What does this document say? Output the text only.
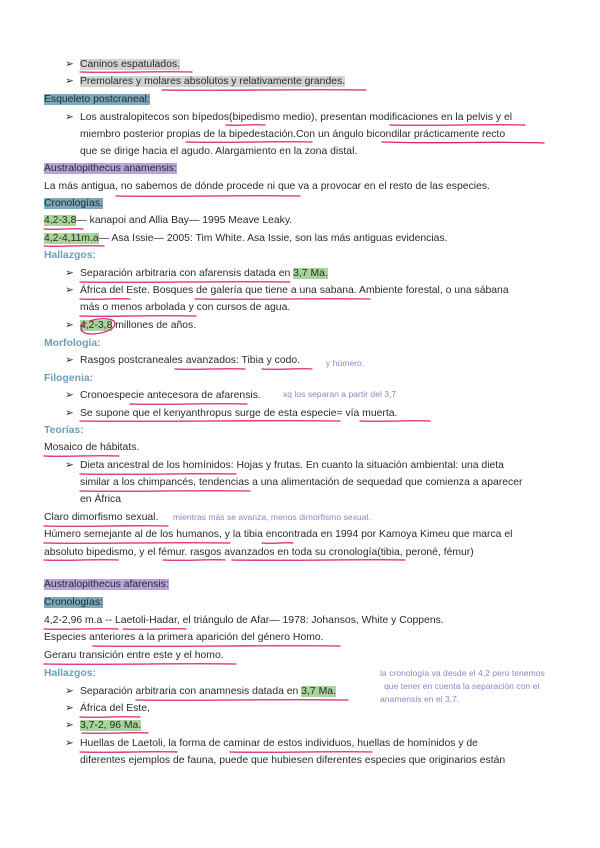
➢ Caninos espatulados.
➢ Premolares y molares absolutos y relativamente grandes.
Esqueleto postcraneal:
➢ Los australopitecos son bípedos(bipedismo medio), presentan modificaciones en la pelvis y el
miembro posterior propias de la bipedestación.Con un ángulo bicondilar prácticamente recto
que se dirige hacia el agudo. Alargamiento en la zona distal.
Australopithecus anamensis:
La más antigua, no sabemos de dónde procede ni que va a provocar en el resto de las especies.
Cronologías.
4,2-3,8— kanapoi and Allia Bay— 1995 Meave Leaky.
4,2-4,11m.a— Asa Issie— 2005: Tim White. Asa Issie, son las más antiguas evidencias.
Hallazgos:
➢ Separación arbitraria con afarensis datada en 3,7 Ma.
➢ África del Este. Bosques de galería que tiene a una sabana. Ambiente forestal, o una sábana
más o menos arbolada y con cursos de agua.
➢ 4,2-3,8 millones de años.
Morfología:
➢ Rasgos postcraneales avanzados: Tibia y codo.	y húmero.
Filogenia:
➢ Cronoespecie antecesora de afarensis.	xq los separan a partir del 3,7
➢ Se supone que el kenyanthropus surge de esta especie= vía muerta.
Teorías:
Mosaico de hábitats.
➢ Dieta ancestral de los homínidos: Hojas y frutas. En cuanto la situación ambiental: una dieta
similar a los chimpancés, tendencias a una alimentación de sequedad que comienza a aparecer
en África
Claro dimorfismo sexual. mientras más se avanza, menos dimorfismo sexual.
Húmero semejante al de los humanos, y la tibia encontrada en 1994 por Kamoya Kimeu que marca el
absoluto bipedismo, y el fémur. rasgos avanzados en toda su cronología(tibia, peroné, fémur)
Australopithecus afarensis:
Cronologías:
4,2-2,96 m.a -- Laetoli-Hadar, el triángulo de Afar— 1978: Johansos, White y Coppens.
Especies anteriores a la primera aparición del género Homo.
Geraru transición entre este y el homo.
Hallazgos:	la cronología va desde el 4,2 pero tenemos
que tener en cuenta la separación con el
anamensis en el 3,7.
➢ Separación arbitraria con anamnesis datada en 3,7 Ma.
➢ África del Este,
➢ 3,7-2, 96 Ma.
➢ Huellas de Laetoli, la forma de caminar de estos individuos, huellas de homínidos y de
diferentes ejemplos de fauna, puede que hubiesen diferentes especies que originarios están
